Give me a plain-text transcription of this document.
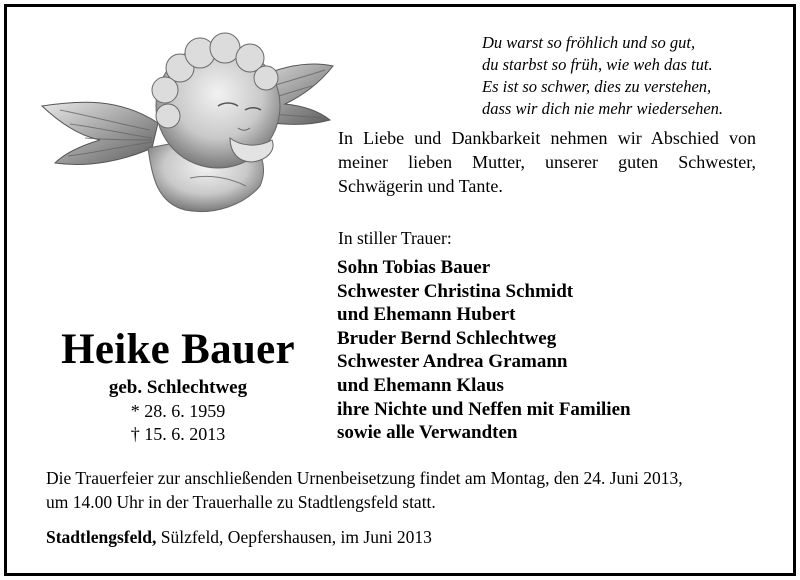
Du warst so fröhlich und so gut,
du starbst so früh, wie weh das tut.
Es ist so schwer, dies zu verstehen,
dass wir dich nie mehr wiedersehen.
In Liebe und Dankbarkeit nehmen wir Abschied von
meiner lieben Mutter, unserer guten Schwester,
Schwägerin und Tante.
In stiller Trauer:
Sohn Tobias Bauer
Schwester Christina Schmidt
und Ehemann Hubert
Bruder Bernd Schlechtweg
Schwester Andrea Gramann
und Ehemann Klaus
ihre Nichte und Neffen mit Familien
sowie alle Verwandten
Heike Bauer
geb. Schlechtweg
* 28. 6. 1959
† 15. 6. 2013
Die Trauerfeier zur anschließenden Urnenbeisetzung findet am Montag, den 24. Juni 2013,
um 14.00 Uhr in der Trauerhalle zu Stadtlengsfeld statt.
Stadtlengsfeld, Sülzfeld, Oepfershausen, im Juni 2013
